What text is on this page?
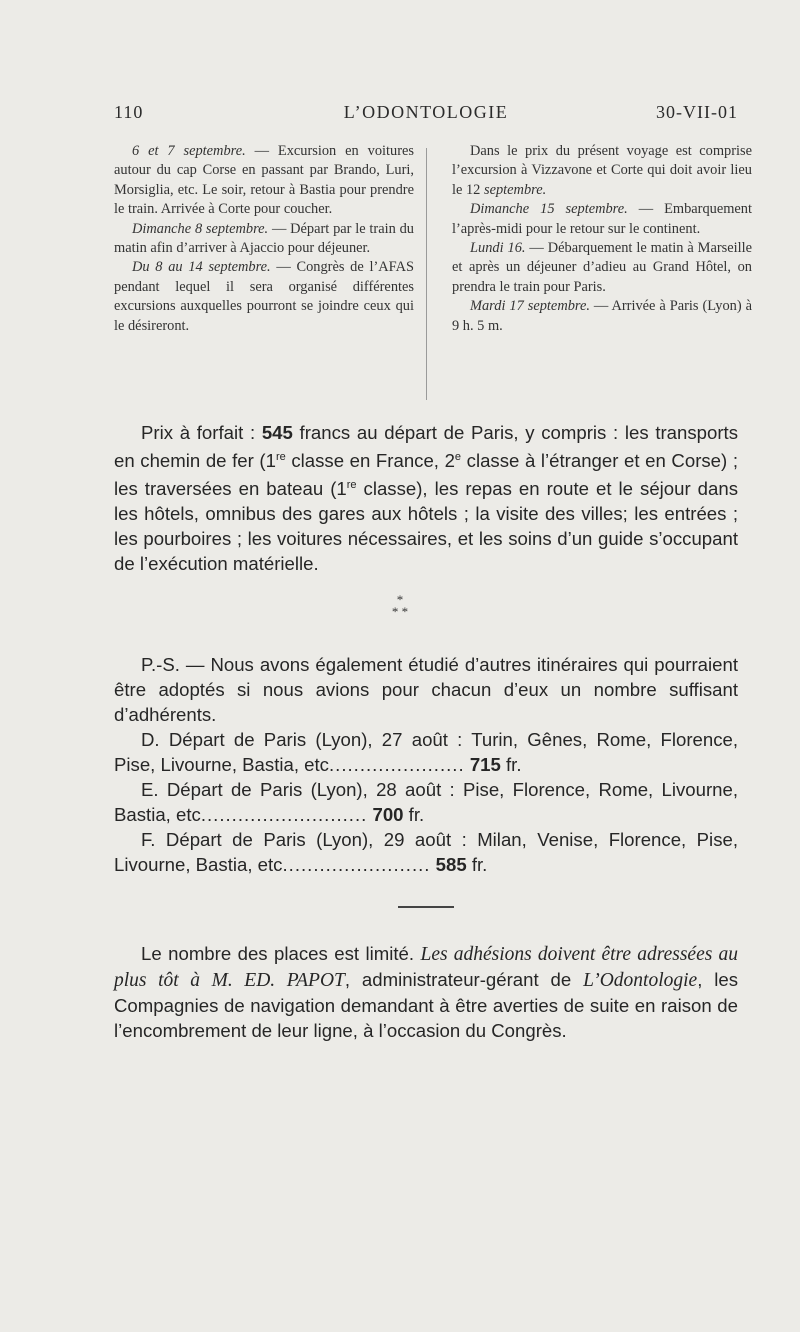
110	L’ODONTOLOGIE	30-VII-01

6 et 7 septembre. — Excursion en voitures autour du cap Corse en passant par Brando, Luri, Morsiglia, etc. Le soir, retour à Bastia pour prendre le train. Arrivée à Corte pour coucher.

Dimanche 8 septembre. — Départ par le train du matin afin d’arriver à Ajaccio pour déjeuner.

Du 8 au 14 septembre. — Congrès de l’AFAS pendant lequel il sera organisé différentes excursions auxquelles pourront se joindre ceux qui le désireront.

Dans le prix du présent voyage est comprise l’excursion à Vizzavone et Corte qui doit avoir lieu le 12 septembre.

Dimanche 15 septembre. — Embarquement l’après-midi pour le retour sur le continent.

Lundi 16. — Débarquement le matin à Marseille et après un déjeuner d’adieu au Grand Hôtel, on prendra le train pour Paris.

Mardi 17 septembre. — Arrivée à Paris (Lyon) à 9 h. 5 m.

Prix à forfait : 545 francs au départ de Paris, y compris : les transports en chemin de fer (1re classe en France, 2e classe à l’étranger et en Corse) ; les traversées en bateau (1re classe), les repas en route et le séjour dans les hôtels, omnibus des gares aux hôtels ; la visite des villes; les entrées ; les pourboires ; les voitures nécessaires, et les soins d’un guide s’occupant de l’exécution matérielle.

*
* *

P.-S. — Nous avons également étudié d’autres itinéraires qui pourraient être adoptés si nous avions pour chacun d’eux un nombre suffisant d’adhérents.

D. Départ de Paris (Lyon), 27 août : Turin, Gênes, Rome, Florence, Pise, Livourne, Bastia, etc...................... 715 fr.

E. Départ de Paris (Lyon), 28 août : Pise, Florence, Rome, Livourne, Bastia, etc........................... 700 fr.

F. Départ de Paris (Lyon), 29 août : Milan, Venise, Florence, Pise, Livourne, Bastia, etc........................ 585 fr.

Le nombre des places est limité. Les adhésions doivent être adressées au plus tôt à M. ED. PAPOT, administrateur-gérant de L’Odontologie, les Compagnies de navigation demandant à être averties de suite en raison de l’encombrement de leur ligne, à l’occasion du Congrès.
